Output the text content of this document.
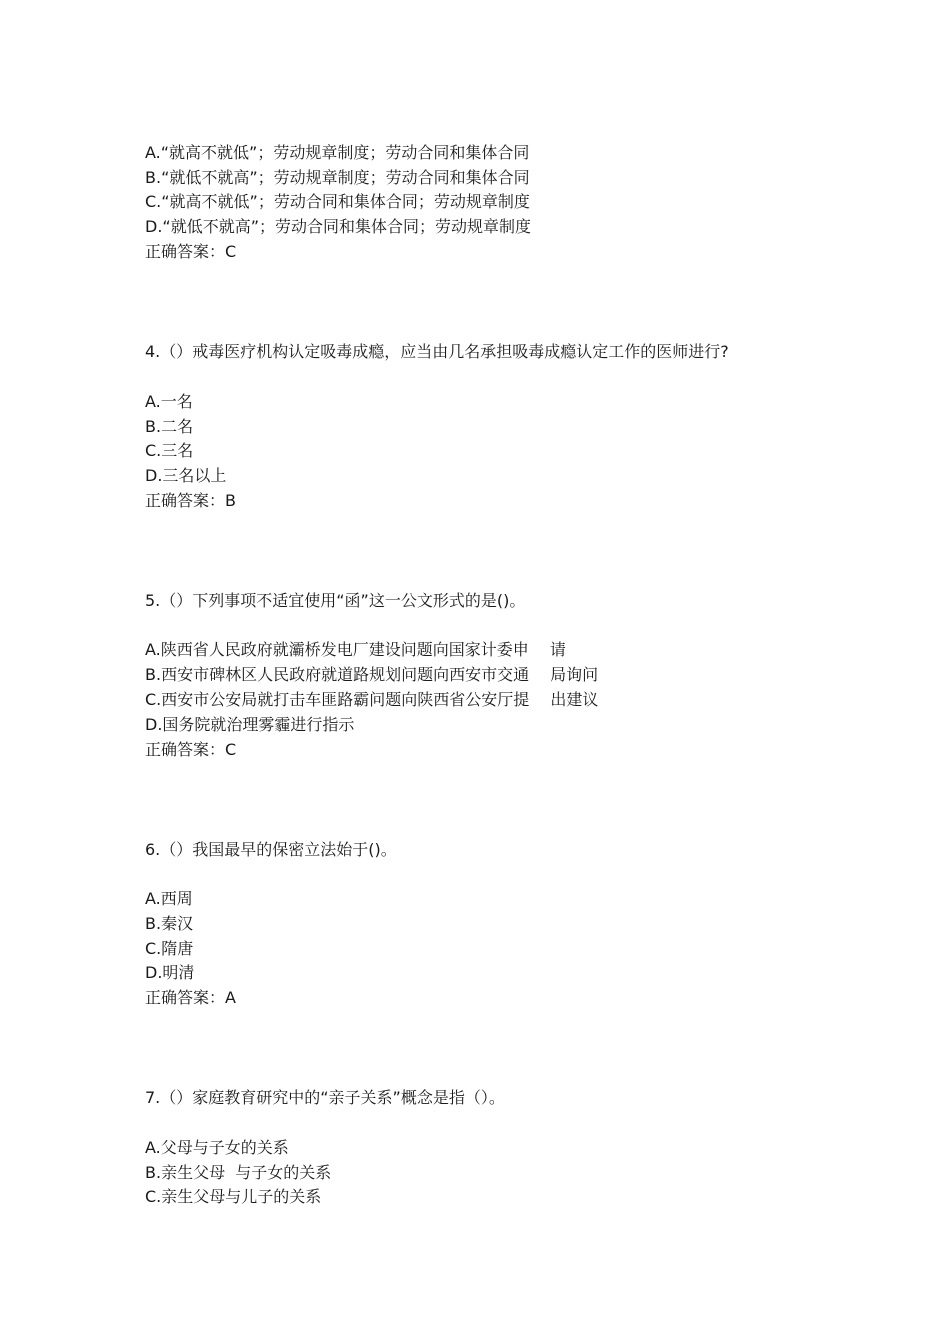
A.“就高不就低”；劳动规章制度；劳动合同和集体合同
B.“就低不就高”；劳动规章制度；劳动合同和集体合同
C.“就高不就低”；劳动合同和集体合同；劳动规章制度
D.“就低不就高”；劳动合同和集体合同；劳动规章制度
正确答案：C
4.（）戒毒医疗机构认定吸毒成瘾，应当由几名承担吸毒成瘾认定工作的医师进行?
A.一名
B.二名
C.三名
D.三名以上
正确答案：B
5.（）下列事项不适宜使用“函”这一公文形式的是()。
A.陕西省人民政府就灞桥发电厂建设问题向国家计委申　 请
B.西安市碑林区人民政府就道路规划问题向西安市交通　 局询问
C.西安市公安局就打击车匪路霸问题向陕西省公安厅提　 出建议
D.国务院就治理雾霾进行指示
正确答案：C
6.（）我国最早的保密立法始于()。
A.西周
B.秦汉
C.隋唐
D.明清
正确答案：A
7.（）家庭教育研究中的“亲子关系”概念是指（）。
A.父母与子女的关系
B.亲生父母  与子女的关系
C.亲生父母与儿子的关系
